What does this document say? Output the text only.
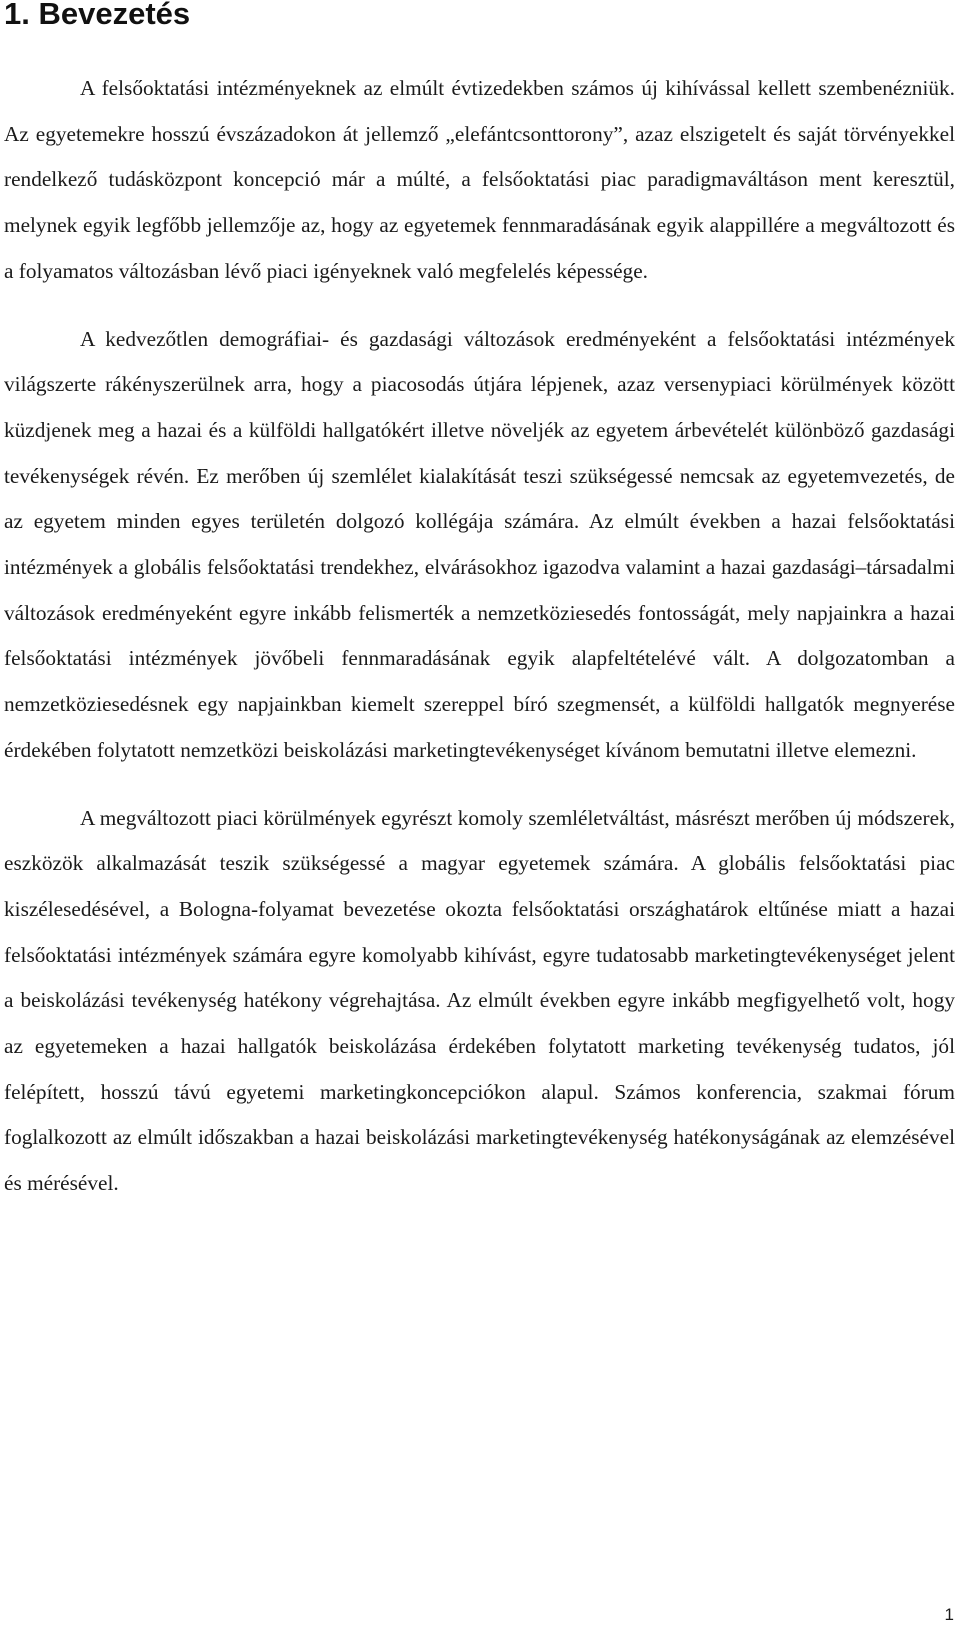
1. Bevezetés

A felsőoktatási intézményeknek az elmúlt évtizedekben számos új kihívással kellett szembenézniük. Az egyetemekre hosszú évszázadokon át jellemző „elefántcsonttorony”, azaz elszigetelt és saját törvényekkel rendelkező tudásközpont koncepció már a múlté, a felsőoktatási piac paradigmaváltáson ment keresztül, melynek egyik legfőbb jellemzője az, hogy az egyetemek fennmaradásának egyik alappillére a megváltozott és a folyamatos változásban lévő piaci igényeknek való megfelelés képessége.

A kedvezőtlen demográfiai- és gazdasági változások eredményeként a felsőoktatási intézmények világszerte rákényszerülnek arra, hogy a piacosodás útjára lépjenek, azaz versenypiaci körülmények között küzdjenek meg a hazai és a külföldi hallgatókért illetve növeljék az egyetem árbevételét különböző gazdasági tevékenységek révén. Ez merőben új szemlélet kialakítását teszi szükségessé nemcsak az egyetemvezetés, de az egyetem minden egyes területén dolgozó kollégája számára. Az elmúlt években a hazai felsőoktatási intézmények a globális felsőoktatási trendekhez, elvárásokhoz igazodva valamint a hazai gazdasági–társadalmi változások eredményeként egyre inkább felismerték a nemzetköziesedés fontosságát, mely napjainkra a hazai felsőoktatási intézmények jövőbeli fennmaradásának egyik alapfeltételévé vált. A dolgozatomban a nemzetköziesedésnek egy napjainkban kiemelt szereppel bíró szegmensét, a külföldi hallgatók megnyerése érdekében folytatott nemzetközi beiskolázási marketingtevékenységet kívánom bemutatni illetve elemezni.

A megváltozott piaci körülmények egyrészt komoly szemléletváltást, másrészt merőben új módszerek, eszközök alkalmazását teszik szükségessé a magyar egyetemek számára. A globális felsőoktatási piac kiszélesedésével, a Bologna-folyamat bevezetése okozta felsőoktatási országhatárok eltűnése miatt a hazai felsőoktatási intézmények számára egyre komolyabb kihívást, egyre tudatosabb marketingtevékenységet jelent a beiskolázási tevékenység hatékony végrehajtása. Az elmúlt években egyre inkább megfigyelhető volt, hogy az egyetemeken a hazai hallgatók beiskolázása érdekében folytatott marketing tevékenység tudatos, jól felépített, hosszú távú egyetemi marketingkoncepciókon alapul. Számos konferencia, szakmai fórum foglalkozott az elmúlt időszakban a hazai beiskolázási marketingtevékenység hatékonyságának az elemzésével és mérésével.

1
